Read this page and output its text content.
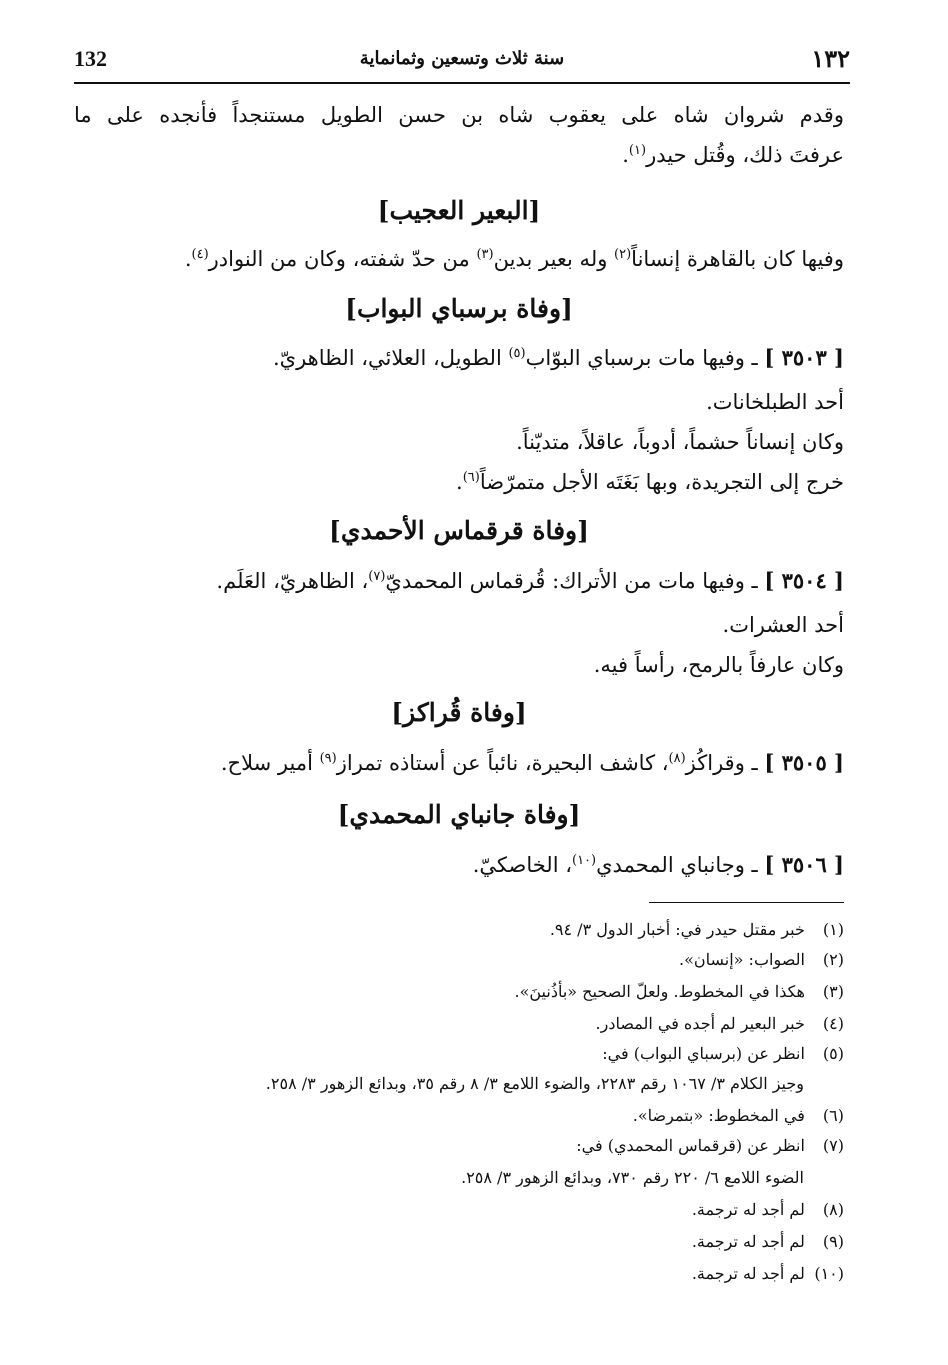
132	سنة ثلاث وتسعين وثمانماية	١٣٢
وقدم شروان شاه على يعقوب شاه بن حسن الطويل مستنجداً فأنجده على ما
عرفتَ ذلك، وقُتل حيدر$^{(١)}$.
[البعير العجيب]
وفيها كان بالقاهرة إنساناً$^{(٢)}$ وله بعير بدين$^{(٣)}$ من حدّ شفته، وكان من النوادر$^{(٤)}$.
[وفاة برسباي البواب]
[ ٣٥٠٣ ] ـ وفيها مات برسباي البوّاب$^{(٥)}$ الطويل، العلائي، الظاهريّ.
أحد الطبلخانات.
وكان إنساناً حشماً، أدوباً، عاقلاً، متديّناً.
خرج إلى التجريدة، وبها بَغَتَه الأجل متمرّضاً$^{(٦)}$.
[وفاة قرقماس الأحمدي]
[ ٣٥٠٤ ] ـ وفيها مات من الأتراك: قُرقماس المحمديّ$^{(٧)}$، الظاهريّ، العَلَم.
أحد العشرات.
وكان عارفاً بالرمح، رأساً فيه.
[وفاة قُراكز]
[ ٣٥٠٥ ] ـ وقراكُز$^{(٨)}$، كاشف البحيرة، نائباً عن أستاذه تمراز$^{(٩)}$ أمير سلاح.
[وفاة جانباي المحمدي]
[ ٣٥٠٦ ] ـ وجانباي المحمدي$^{(١٠)}$، الخاصكيّ.
(١) خبر مقتل حيدر في: أخبار الدول ٣/ ٩٤.
(٢) الصواب: «إنسان».
(٣) هكذا في المخطوط. ولعلّ الصحيح «بأذُنينَ».
(٤) خبر البعير لم أجده في المصادر.
(٥) انظر عن (برسباي البواب) في:
وجيز الكلام ٣/ ١٠٦٧ رقم ٢٢٨٣، والضوء اللامع ٣/ ٨ رقم ٣٥، وبدائع الزهور ٣/ ٢٥٨.
(٦) في المخطوط: «بتمرضا».
(٧) انظر عن (قرقماس المحمدي) في:
الضوء اللامع ٦/ ٢٢٠ رقم ٧٣٠، وبدائع الزهور ٣/ ٢٥٨.
(٨) لم أجد له ترجمة.
(٩) لم أجد له ترجمة.
(١٠) لم أجد له ترجمة.
